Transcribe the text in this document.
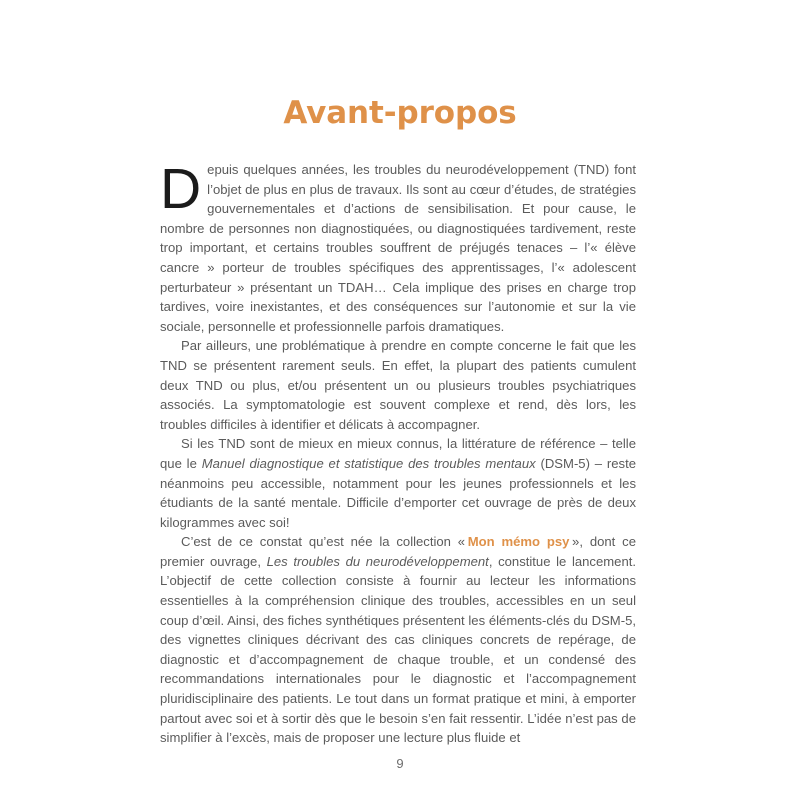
Avant-propos

Depuis quelques années, les troubles du neurodéveloppement (TND) font l’objet de plus en plus de travaux. Ils sont au cœur d’études, de stratégies gouvernementales et d’actions de sensibilisation. Et pour cause, le nombre de personnes non diagnostiquées, ou diagnostiquées tardivement, reste trop important, et certains troubles souffrent de préjugés tenaces – l’« élève cancre » porteur de troubles spécifiques des apprentissages, l’« adolescent perturbateur » présentant un TDAH… Cela implique des prises en charge trop tardives, voire inexistantes, et des conséquences sur l’autonomie et sur la vie sociale, personnelle et professionnelle parfois dramatiques.

Par ailleurs, une problématique à prendre en compte concerne le fait que les TND se présentent rarement seuls. En effet, la plupart des patients cumulent deux TND ou plus, et/ou présentent un ou plusieurs troubles psychiatriques associés. La symptomatologie est souvent complexe et rend, dès lors, les troubles difficiles à identifier et délicats à accompagner.

Si les TND sont de mieux en mieux connus, la littérature de référence – telle que le Manuel diagnostique et statistique des troubles mentaux (DSM-5) – reste néanmoins peu accessible, notamment pour les jeunes professionnels et les étudiants de la santé mentale. Difficile d’emporter cet ouvrage de près de deux kilogrammes avec soi!

C’est de ce constat qu’est née la collection « Mon mémo psy », dont ce premier ouvrage, Les troubles du neurodéveloppement, constitue le lancement. L’objectif de cette collection consiste à fournir au lecteur les informations essentielles à la compréhension clinique des troubles, accessibles en un seul coup d’œil. Ainsi, des fiches synthétiques présentent les éléments-clés du DSM-5, des vignettes cliniques décrivant des cas cliniques concrets de repérage, de diagnostic et d’accompagnement de chaque trouble, et un condensé des recommandations internationales pour le diagnostic et l’accompagnement pluridisciplinaire des patients. Le tout dans un format pratique et mini, à emporter partout avec soi et à sortir dès que le besoin s’en fait ressentir. L’idée n’est pas de simplifier à l’excès, mais de proposer une lecture plus fluide et

9
